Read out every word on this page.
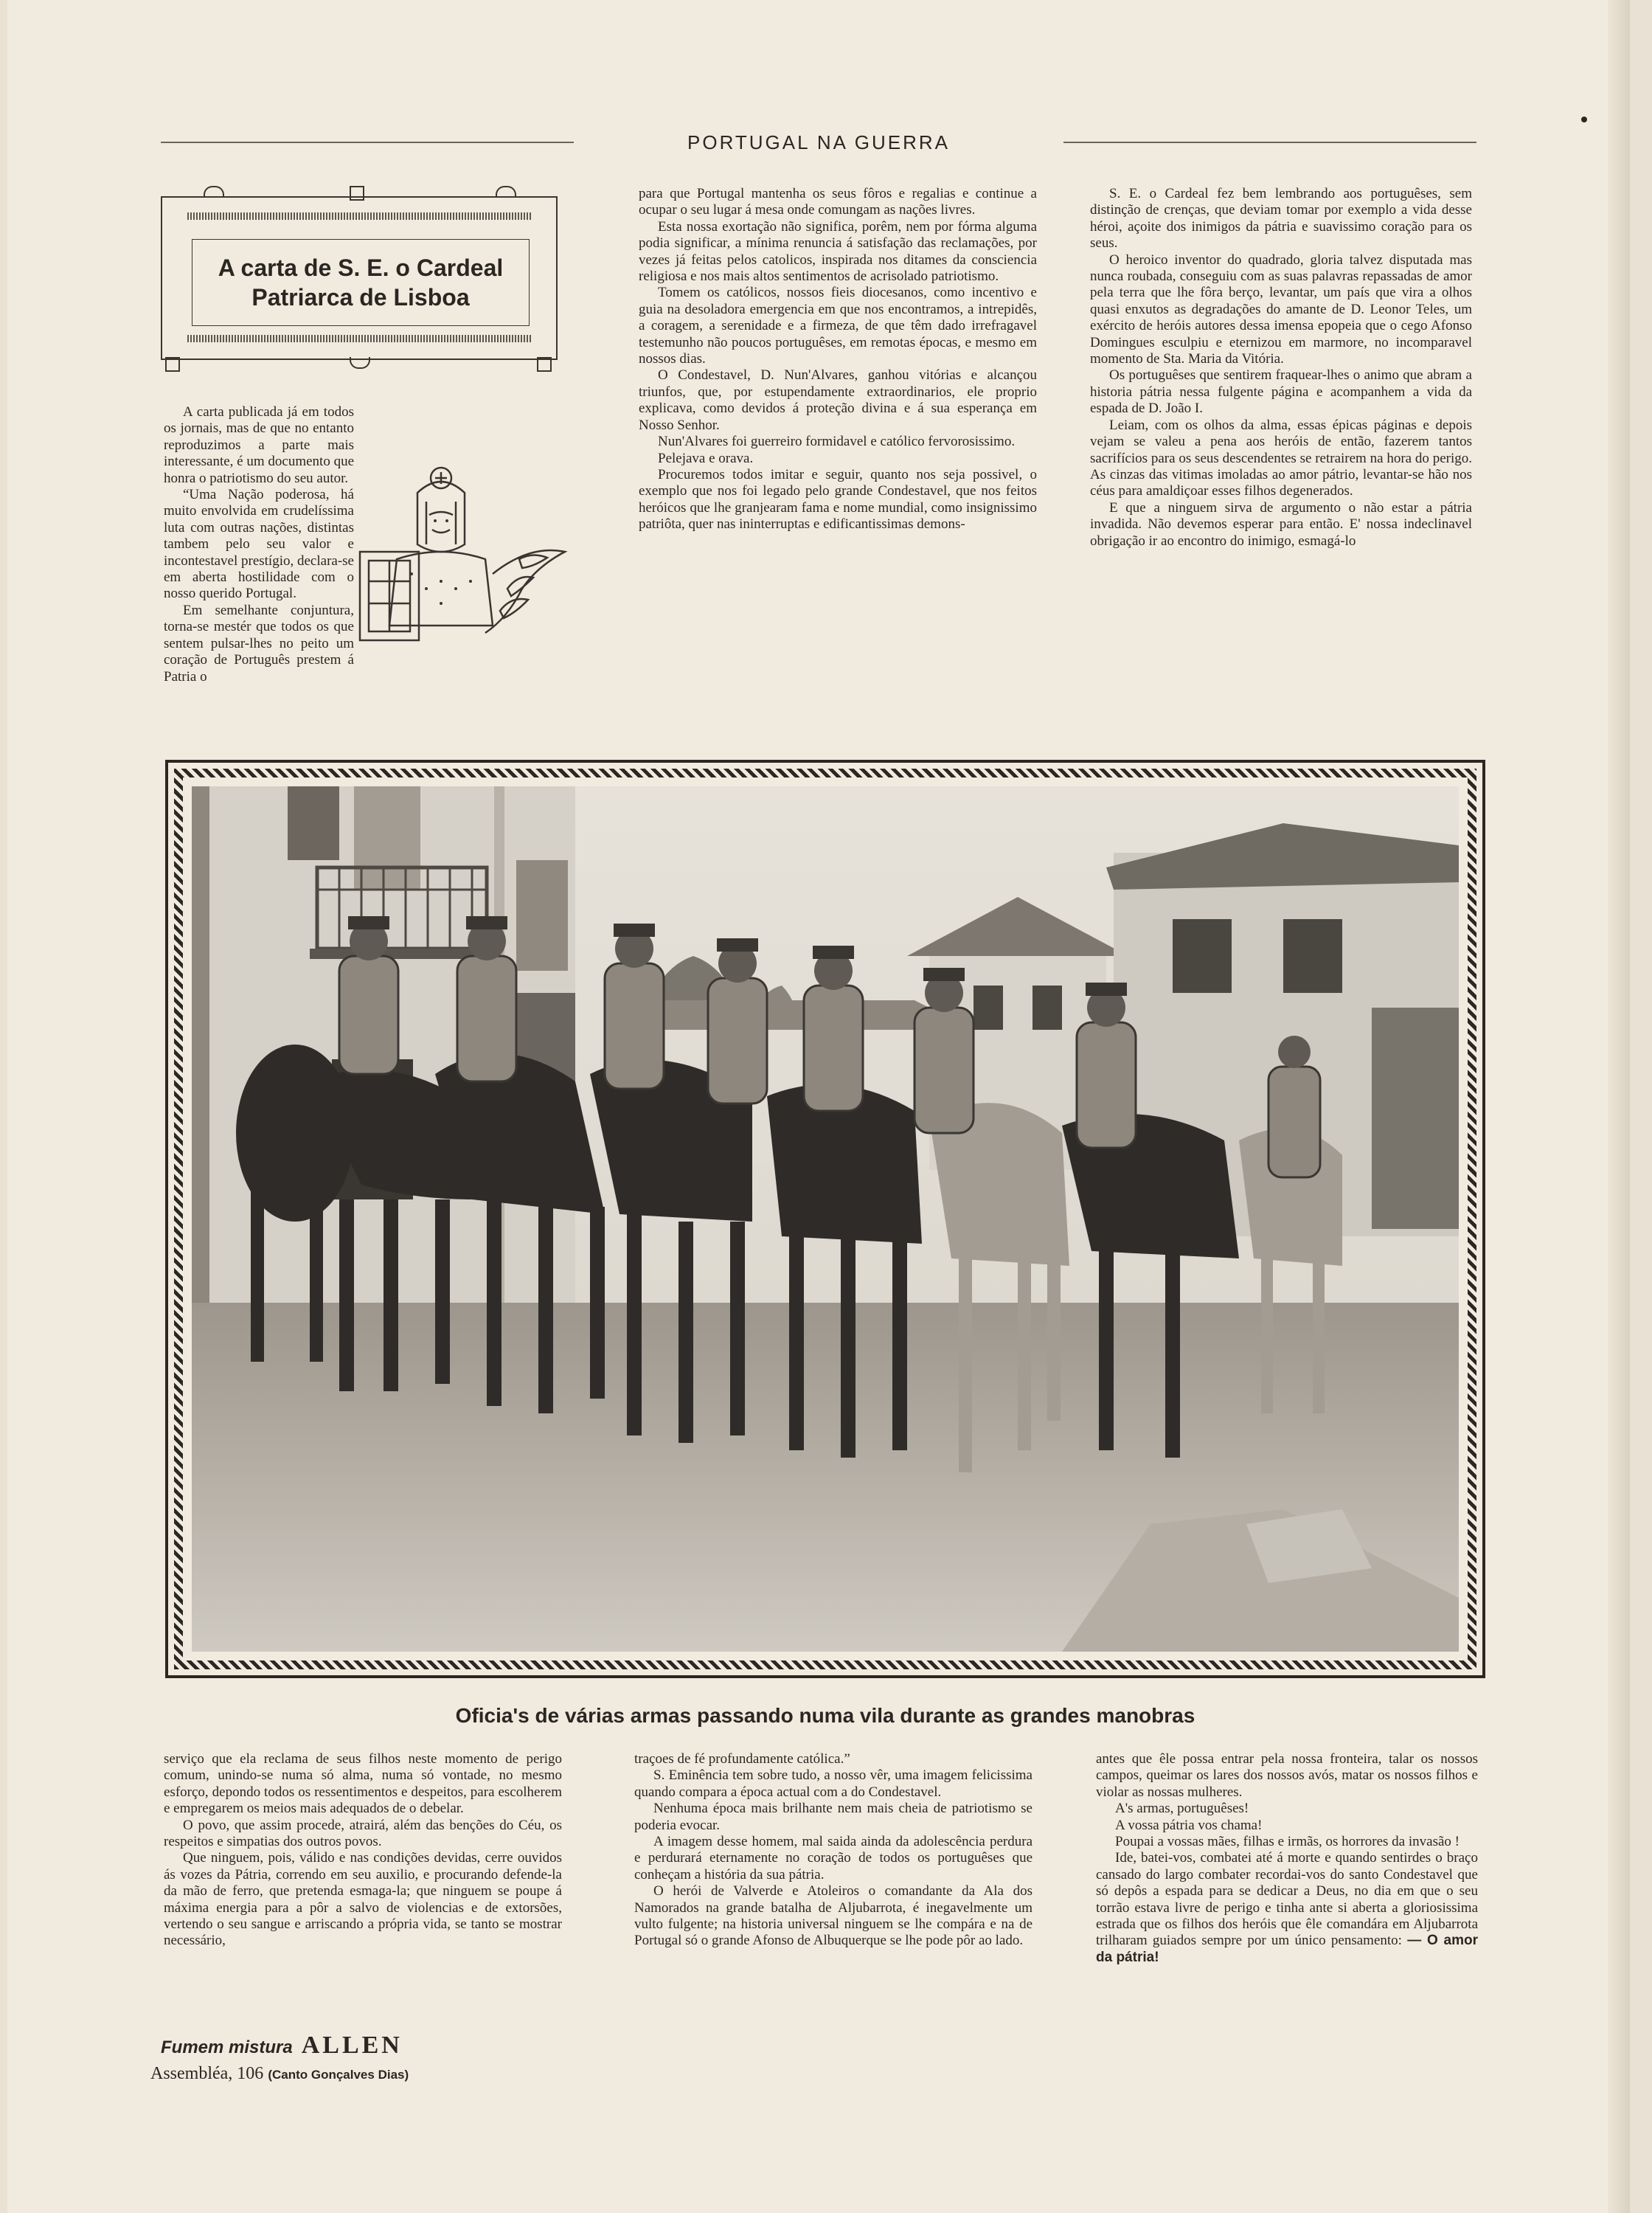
PORTUGAL NA GUERRA
A carta de S. E. o Cardeal
Patriarca de Lisboa

A carta publicada já em todos os jornais, mas de que no entanto reproduzimos a parte mais interessante, é um documento que honra o patriotismo do seu autor.

“Uma Nação poderosa, há muito envolvida em crudelíssima luta com outras nações, distintas tambem pelo seu valor e incontestavel prestígio, declara-se em aberta hostilidade com o nosso querido Portugal.

Em semelhante conjuntura, torna-se mestér que todos os que sentem pulsar-lhes no peito um coração de Português prestem á Patria o

para que Portugal mantenha os seus fôros e regalias e continue a ocupar o seu lugar á mesa onde comungam as nações livres.

Esta nossa exortação não significa, porêm, nem por fórma alguma podia significar, a mínima renuncia á satisfação das reclamações, por vezes já feitas pelos catolicos, inspirada nos ditames da consciencia religiosa e nos mais altos sentimentos de acrisolado patriotismo.

Tomem os católicos, nossos fieis diocesanos, como incentivo e guia na desoladora emergencia em que nos encontramos, a intrepidês, a coragem, a serenidade e a firmeza, de que têm dado irrefragavel testemunho não poucos portuguêses, em remotas épocas, e mesmo em nossos dias.

O Condestavel, D. Nun'Alvares, ganhou vitórias e alcançou triunfos, que, por estupendamente extraordinarios, ele proprio explicava, como devidos á proteção divina e á sua esperança em Nosso Senhor.

Nun'Alvares foi guerreiro formidavel e católico fervorosissimo.

Pelejava e orava.

Procuremos todos imitar e seguir, quanto nos seja possivel, o exemplo que nos foi legado pelo grande Condestavel, que nos feitos heróicos que lhe granjearam fama e nome mundial, como insignissimo patriôta, quer nas ininterruptas e edificantissimas demons-

S. E. o Cardeal fez bem lembrando aos portuguêses, sem distinção de crenças, que deviam tomar por exemplo a vida desse héroi, açoite dos inimigos da pátria e suavissimo coração para os seus.

O heroico inventor do quadrado, gloria talvez disputada mas nunca roubada, conseguiu com as suas palavras repassadas de amor pela terra que lhe fôra berço, levantar, um país que vira a olhos quasi enxutos as degradações do amante de D. Leonor Teles, um exército de heróis autores dessa imensa epopeia que o cego Afonso Domingues esculpiu e eternizou em marmore, no incomparavel momento de Sta. Maria da Vitória.

Os portuguêses que sentirem fraquear-lhes o animo que abram a historia pátria nessa fulgente página e acompanhem a vida da espada de D. João I.

Leiam, com os olhos da alma, essas épicas páginas e depois vejam se valeu a pena aos heróis de então, fazerem tantos sacrifícios para os seus descendentes se retrairem na hora do perigo. As cinzas das vitimas imoladas ao amor pátrio, levantar-se hão nos céus para amaldiçoar esses filhos degenerados.

E que a ninguem sirva de argumento o não estar a pátria invadida. Não devemos esperar para então. E' nossa indeclinavel obrigação ir ao encontro do inimigo, esmagá-lo

Oficia's de várias armas passando numa vila durante as grandes manobras

serviço que ela reclama de seus filhos neste momento de perigo comum, unindo-se numa só alma, numa só vontade, no mesmo esforço, depondo todos os ressentimentos e despeitos, para escolherem e empregarem os meios mais adequados de o debelar.

O povo, que assim procede, atrairá, além das benções do Céu, os respeitos e simpatias dos outros povos.

Que ninguem, pois, válido e nas condições devidas, cerre ouvidos ás vozes da Pátria, correndo em seu auxilio, e procurando defende-la da mão de ferro, que pretenda esmaga-la; que ninguem se poupe á máxima energia para a pôr a salvo de violencias e de extorsões, vertendo o seu sangue e arriscando a própria vida, se tanto se mostrar necessário,

traçoes de fé profundamente católica.”

S. Eminência tem sobre tudo, a nosso vêr, uma imagem felicissima quando compara a época actual com a do Condestavel.

Nenhuma época mais brilhante nem mais cheia de patriotismo se poderia evocar.

A imagem desse homem, mal saida ainda da adolescência perdura e perdurará eternamente no coração de todos os portuguêses que conheçam a história da sua pátria.

O herói de Valverde e Atoleiros o comandante da Ala dos Namorados na grande batalha de Aljubarrota, é inegavelmente um vulto fulgente; na historia universal ninguem se lhe compára e na de Portugal só o grande Afonso de Albuquerque se lhe pode pôr ao lado.

antes que êle possa entrar pela nossa fronteira, talar os nossos campos, queimar os lares dos nossos avós, matar os nossos filhos e violar as nossas mulheres.

A's armas, portuguêses!

A vossa pátria vos chama!

Poupai a vossas mães, filhas e irmãs, os horrores da invasão !

Ide, batei-vos, combatei até á morte e quando sentirdes o braço cansado do largo combater recordai-vos do santo Condestavel que só depôs a espada para se dedicar a Deus, no dia em que o seu torrão estava livre de perigo e tinha ante si aberta a gloriosissima estrada que os filhos dos heróis que êle comandára em Aljubarrota trilharam guiados sempre por um único pensamento: — O amor da pátria!

Fumem mistura ALLEN
Assembléa, 106 (Canto Gonçalves Dias)
